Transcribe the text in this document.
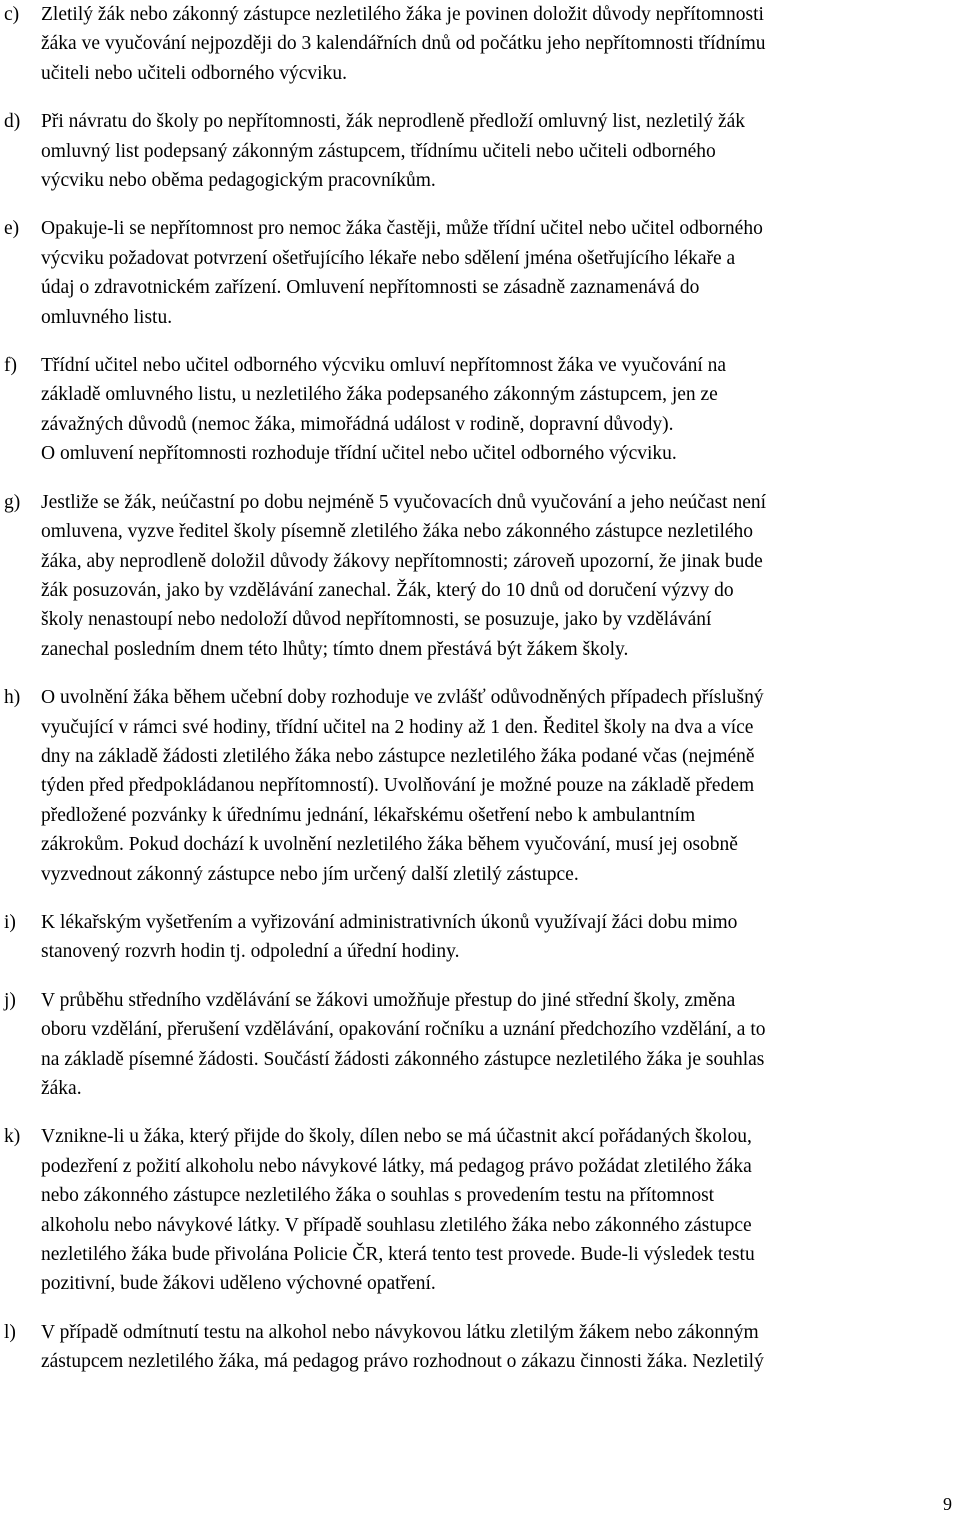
c)	Zletilý žák nebo zákonný zástupce nezletilého žáka je povinen doložit důvody nepřítomnosti
žáka ve vyučování nejpozději do 3 kalendářních dnů od počátku jeho nepřítomnosti třídnímu
učiteli nebo učiteli odborného výcviku.
d)	Při návratu do školy po nepřítomnosti, žák neprodleně předloží omluvný list, nezletilý žák
omluvný list podepsaný zákonným zástupcem, třídnímu učiteli nebo učiteli odborného
výcviku nebo oběma pedagogickým pracovníkům.
e)	Opakuje-li se nepřítomnost pro nemoc žáka častěji, může třídní učitel nebo učitel odborného
výcviku požadovat potvrzení ošetřujícího lékaře nebo sdělení jména ošetřujícího lékaře a
údaj o zdravotnickém zařízení. Omluvení nepřítomnosti se zásadně zaznamenává do
omluvného listu.
f)	Třídní učitel nebo učitel odborného výcviku omluví nepřítomnost žáka ve vyučování na
základě omluvného listu, u nezletilého žáka podepsaného zákonným zástupcem, jen ze
závažných důvodů (nemoc žáka, mimořádná událost v rodině, dopravní důvody).
O omluvení nepřítomnosti rozhoduje třídní učitel nebo učitel odborného výcviku.
g)	Jestliže se žák, neúčastní po dobu nejméně 5 vyučovacích dnů vyučování a jeho neúčast není
omluvena, vyzve ředitel školy písemně zletilého žáka nebo zákonného zástupce nezletilého
žáka, aby neprodleně doložil důvody žákovy nepřítomnosti; zároveň upozorní, že jinak bude
žák posuzován, jako by vzdělávání zanechal. Žák, který do 10 dnů od doručení výzvy do
školy nenastoupí nebo nedoloží důvod nepřítomnosti, se posuzuje, jako by vzdělávání
zanechal posledním dnem této lhůty; tímto dnem přestává být žákem školy.
h)	O uvolnění žáka během učební doby rozhoduje ve zvlášť odůvodněných případech příslušný
vyučující v rámci své hodiny, třídní učitel na 2 hodiny až 1 den. Ředitel školy na dva a více
dny na základě žádosti zletilého žáka nebo zástupce nezletilého žáka podané včas (nejméně
týden před předpokládanou nepřítomností). Uvolňování je možné pouze na základě předem
předložené pozvánky k úřednímu jednání, lékařskému ošetření nebo k ambulantním
zákrokům. Pokud dochází k uvolnění nezletilého žáka během vyučování, musí jej osobně
vyzvednout zákonný zástupce nebo jím určený další zletilý zástupce.
i)	K lékařským vyšetřením a vyřizování administrativních úkonů využívají žáci dobu mimo
stanovený rozvrh hodin tj. odpolední a úřední hodiny.
j)	V průběhu středního vzdělávání se žákovi umožňuje přestup do jiné střední školy, změna
oboru vzdělání, přerušení vzdělávání, opakování ročníku a uznání předchozího vzdělání, a to
na základě písemné žádosti. Součástí žádosti zákonného zástupce nezletilého žáka je souhlas
žáka.
k)	Vznikne-li u žáka, který přijde do školy, dílen nebo se má účastnit akcí pořádaných školou,
podezření z požití alkoholu nebo návykové látky, má pedagog právo požádat zletilého žáka
nebo zákonného zástupce nezletilého žáka o souhlas s provedením testu na přítomnost
alkoholu nebo návykové látky. V případě souhlasu zletilého žáka nebo zákonného zástupce
nezletilého žáka bude přivolána Policie ČR, která tento test provede. Bude-li výsledek testu
pozitivní, bude žákovi uděleno výchovné opatření.
l)	V případě odmítnutí testu na alkohol nebo návykovou látku zletilým žákem nebo zákonným
zástupcem nezletilého žáka, má pedagog právo rozhodnout o zákazu činnosti žáka. Nezletilý
9
